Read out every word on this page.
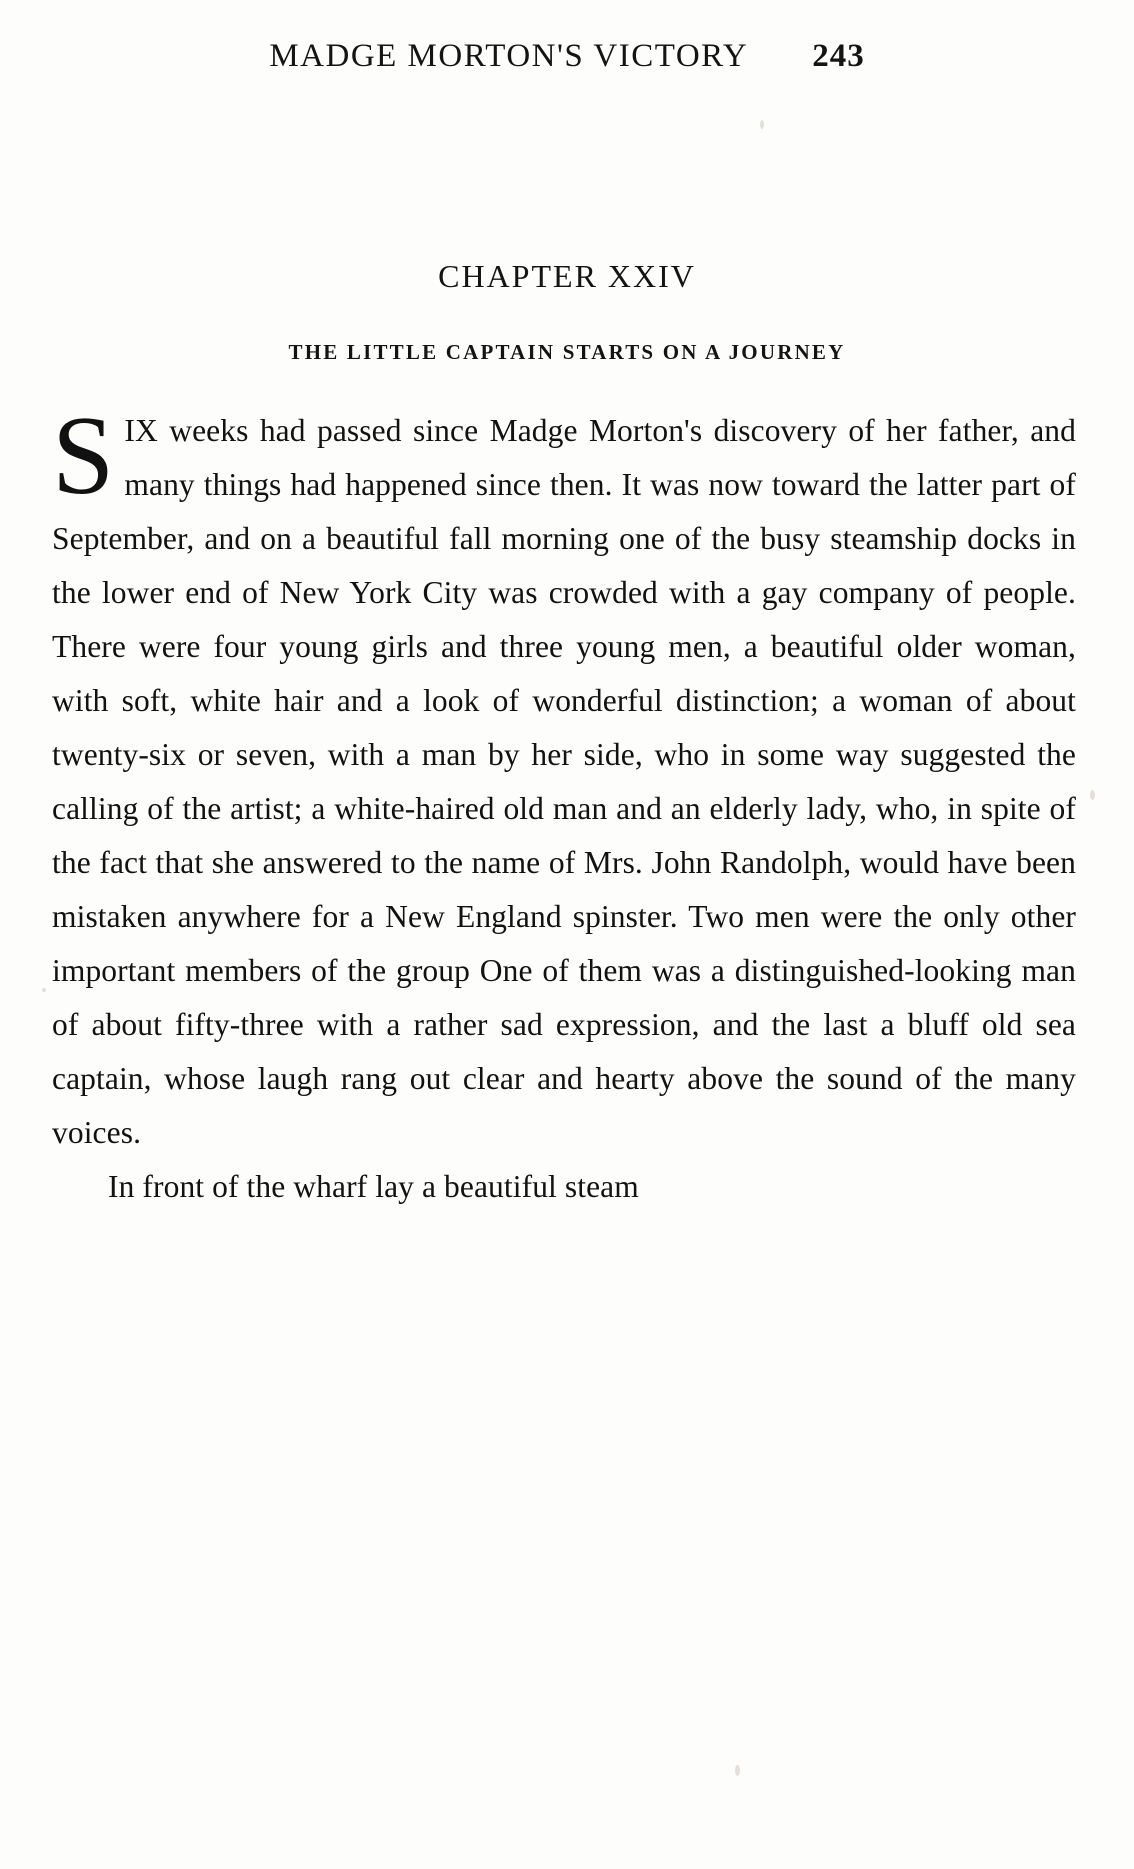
MADGE MORTON'S VICTORY 243
CHAPTER XXIV
THE LITTLE CAPTAIN STARTS ON A JOURNEY

SIX weeks had passed since Madge Morton's discovery of her father, and many things had happened since then. It was now toward the latter part of September, and on a beautiful fall morning one of the busy steamship docks in the lower end of New York City was crowded with a gay company of people. There were four young girls and three young men, a beautiful older woman, with soft, white hair and a look of wonderful distinction; a woman of about twenty-six or seven, with a man by her side, who in some way suggested the calling of the artist; a white-haired old man and an elderly lady, who, in spite of the fact that she answered to the name of Mrs. John Randolph, would have been mistaken anywhere for a New England spinster. Two men were the only other important members of the group One of them was a distinguished-looking man of about fifty-three with a rather sad expression, and the last a bluff old sea captain, whose laugh rang out clear and hearty above the sound of the many voices.

In front of the wharf lay a beautiful steam
